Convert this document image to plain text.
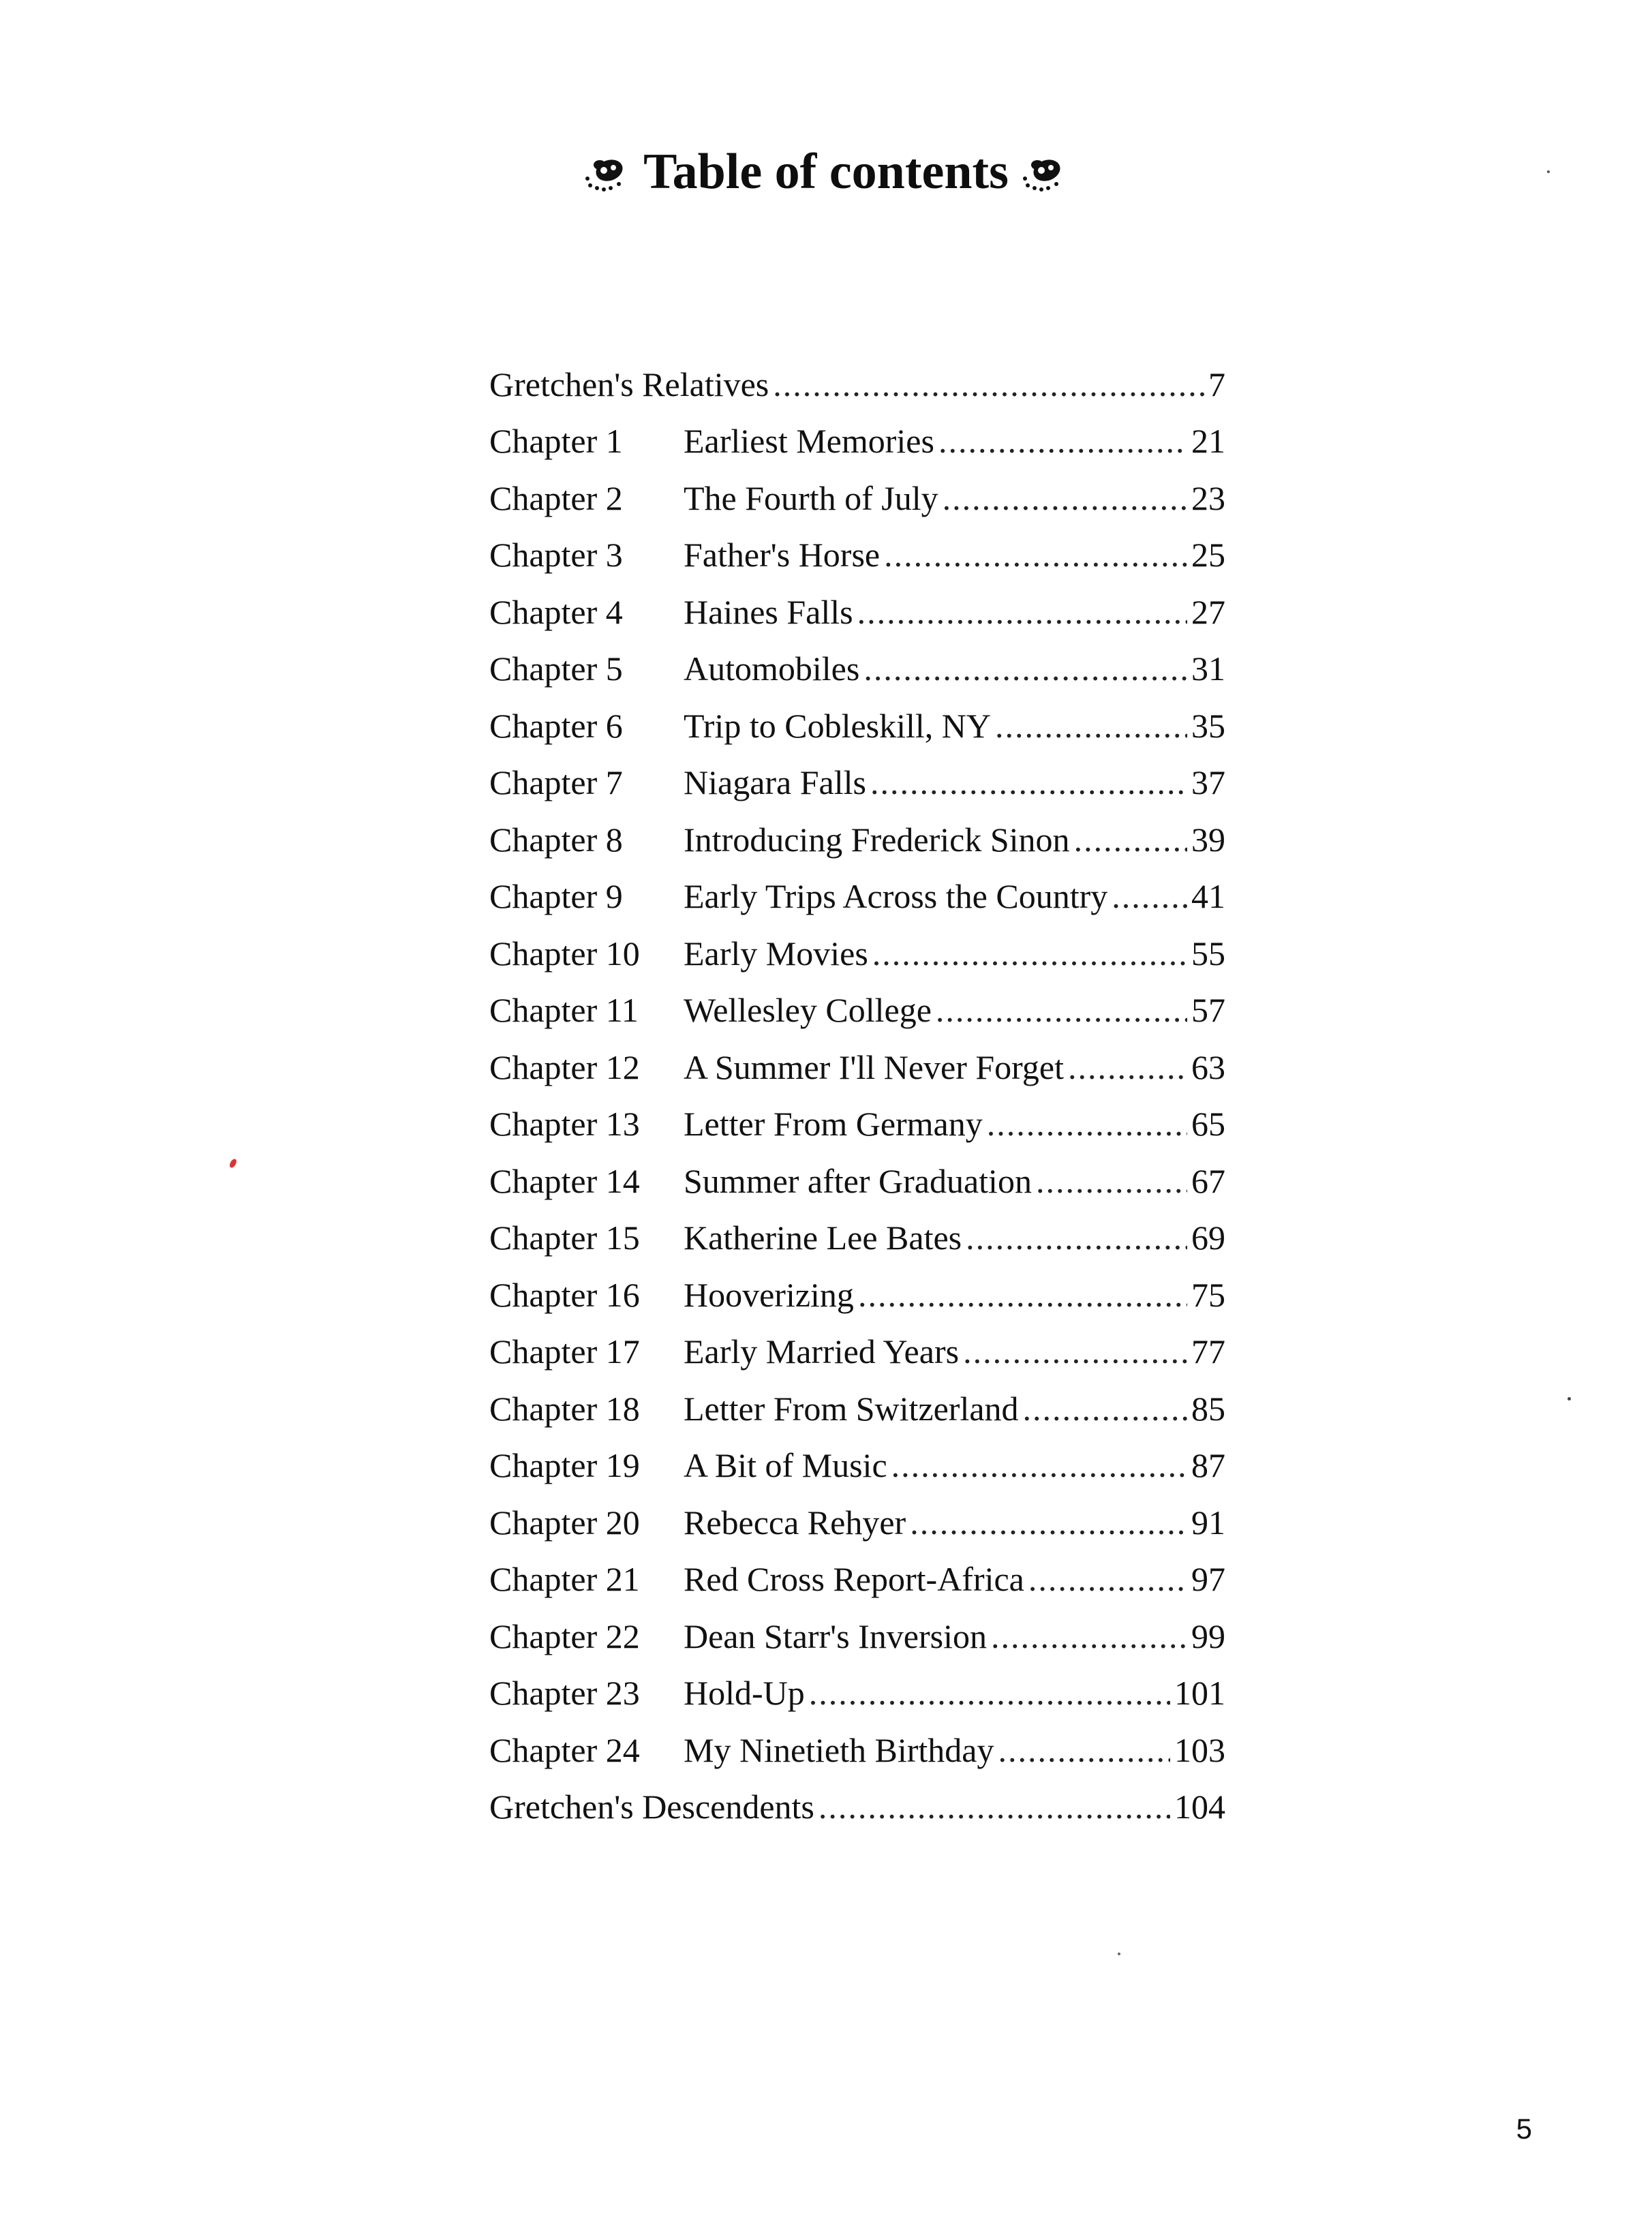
Table of contents
Gretchen's Relatives .....	7
Chapter 1	Earliest Memories .....	21
Chapter 2	The Fourth of July .....	23
Chapter 3	Father's Horse .....	25
Chapter 4	Haines Falls .....	27
Chapter 5	Automobiles .....	31
Chapter 6	Trip to Cobleskill, NY .....	35
Chapter 7	Niagara Falls .....	37
Chapter 8	Introducing Frederick Sinon .....	39
Chapter 9	Early Trips Across the Country ..... 41
Chapter 10	Early Movies .....	55
Chapter 11	Wellesley College .....	57
Chapter 12	A Summer I'll Never Forget .....	63
Chapter 13	Letter From Germany .....	65
Chapter 14	Summer after Graduation .....	67
Chapter 15	Katherine Lee Bates .....	69
Chapter 16	Hooverizing .....	75
Chapter 17	Early Married Years .....	77
Chapter 18	Letter From Switzerland .....	85
Chapter 19	A Bit of Music .....	87
Chapter 20	Rebecca Rehyer .....	91
Chapter 21	Red Cross Report-Africa .....	97
Chapter 22	Dean Starr's Inversion .....	99
Chapter 23	Hold-Up .....	101
Chapter 24	My Ninetieth Birthday .....	103
Gretchen's Descendents .....	104
5
